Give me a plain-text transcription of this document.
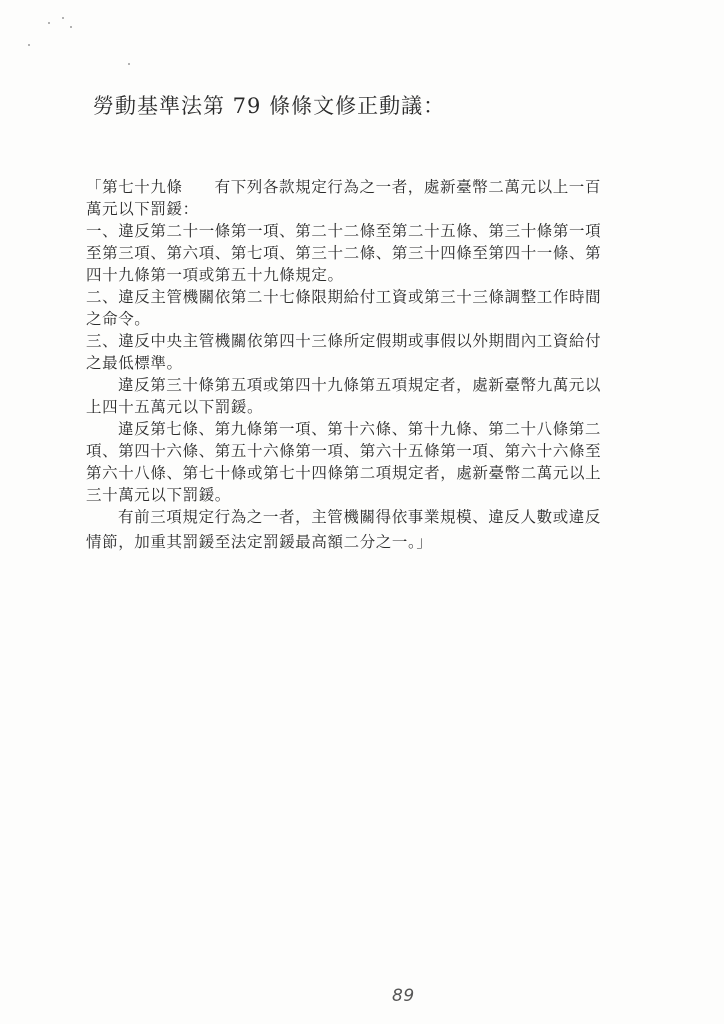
勞動基準法第 79 條條文修正動議：
「第七十九條 有下列各款規定行為之一者，處新臺幣二萬元以上一百
萬元以下罰鍰：
一、違反第二十一條第一項、第二十二條至第二十五條、第三十條第一項
至第三項、第六項、第七項、第三十二條、第三十四條至第四十一條、第
四十九條第一項或第五十九條規定。
二、違反主管機關依第二十七條限期給付工資或第三十三條調整工作時間
之命令。
三、違反中央主管機關依第四十三條所定假期或事假以外期間內工資給付
之最低標準。
違反第三十條第五項或第四十九條第五項規定者，處新臺幣九萬元以
上四十五萬元以下罰鍰。
違反第七條、第九條第一項、第十六條、第十九條、第二十八條第二
項、第四十六條、第五十六條第一項、第六十五條第一項、第六十六條至
第六十八條、第七十條或第七十四條第二項規定者，處新臺幣二萬元以上
三十萬元以下罰鍰。
有前三項規定行為之一者，主管機關得依事業規模、違反人數或違反
情節，加重其罰鍰至法定罰鍰最高額二分之一。」
89
